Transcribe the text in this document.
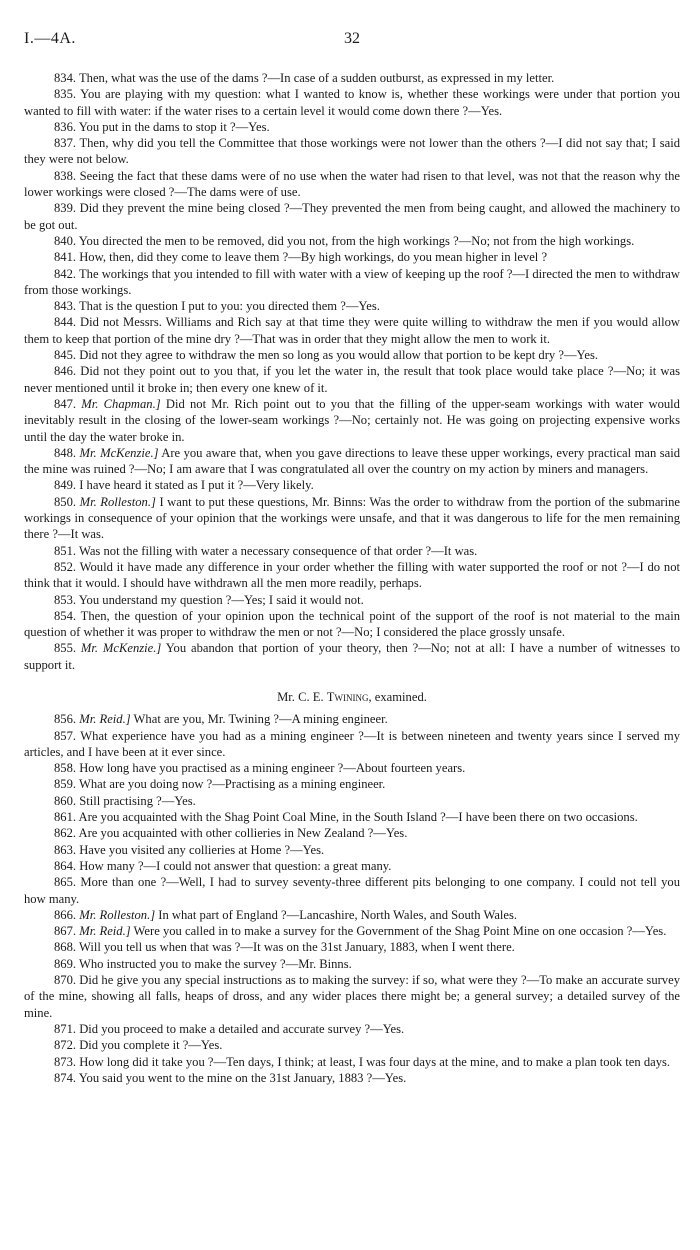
32
I.—4A.

834. Then, what was the use of the dams ?—In case of a sudden outburst, as expressed in my letter.

835. You are playing with my question: what I wanted to know is, whether these workings were under that portion you wanted to fill with water: if the water rises to a certain level it would come down there ?—Yes.

836. You put in the dams to stop it ?—Yes.

837. Then, why did you tell the Committee that those workings were not lower than the others ?—I did not say that; I said they were not below.

838. Seeing the fact that these dams were of no use when the water had risen to that level, was not that the reason why the lower workings were closed ?—The dams were of use.

839. Did they prevent the mine being closed ?—They prevented the men from being caught, and allowed the machinery to be got out.

840. You directed the men to be removed, did you not, from the high workings ?—No; not from the high workings.

841. How, then, did they come to leave them ?—By high workings, do you mean higher in level ?

842. The workings that you intended to fill with water with a view of keeping up the roof ?—I directed the men to withdraw from those workings.

843. That is the question I put to you: you directed them ?—Yes.

844. Did not Messrs. Williams and Rich say at that time they were quite willing to withdraw the men if you would allow them to keep that portion of the mine dry ?—That was in order that they might allow the men to work it.

845. Did not they agree to withdraw the men so long as you would allow that portion to be kept dry ?—Yes.

846. Did not they point out to you that, if you let the water in, the result that took place would take place ?—No; it was never mentioned until it broke in; then every one knew of it.

847. Mr. Chapman.] Did not Mr. Rich point out to you that the filling of the upper-seam workings with water would inevitably result in the closing of the lower-seam workings ?—No; certainly not. He was going on projecting expensive works until the day the water broke in.

848. Mr. McKenzie.] Are you aware that, when you gave directions to leave these upper workings, every practical man said the mine was ruined ?—No; I am aware that I was congratulated all over the country on my action by miners and managers.

849. I have heard it stated as I put it ?—Very likely.

850. Mr. Rolleston.] I want to put these questions, Mr. Binns: Was the order to withdraw from the portion of the submarine workings in consequence of your opinion that the workings were unsafe, and that it was dangerous to life for the men remaining there ?—It was.

851. Was not the filling with water a necessary consequence of that order ?—It was.

852. Would it have made any difference in your order whether the filling with water supported the roof or not ?—I do not think that it would. I should have withdrawn all the men more readily, perhaps.

853. You understand my question ?—Yes; I said it would not.

854. Then, the question of your opinion upon the technical point of the support of the roof is not material to the main question of whether it was proper to withdraw the men or not ?—No; I considered the place grossly unsafe.

855. Mr. McKenzie.] You abandon that portion of your theory, then ?—No; not at all: I have a number of witnesses to support it.

Mr. C. E. Twining, examined.

856. Mr. Reid.] What are you, Mr. Twining ?—A mining engineer.

857. What experience have you had as a mining engineer ?—It is between nineteen and twenty years since I served my articles, and I have been at it ever since.

858. How long have you practised as a mining engineer ?—About fourteen years.

859. What are you doing now ?—Practising as a mining engineer.

860. Still practising ?—Yes.

861. Are you acquainted with the Shag Point Coal Mine, in the South Island ?—I have been there on two occasions.

862. Are you acquainted with other collieries in New Zealand ?—Yes.

863. Have you visited any collieries at Home ?—Yes.

864. How many ?—I could not answer that question: a great many.

865. More than one ?—Well, I had to survey seventy-three different pits belonging to one company. I could not tell you how many.

866. Mr. Rolleston.] In what part of England ?—Lancashire, North Wales, and South Wales.

867. Mr. Reid.] Were you called in to make a survey for the Government of the Shag Point Mine on one occasion ?—Yes.

868. Will you tell us when that was ?—It was on the 31st January, 1883, when I went there.

869. Who instructed you to make the survey ?—Mr. Binns.

870. Did he give you any special instructions as to making the survey: if so, what were they ?—To make an accurate survey of the mine, showing all falls, heaps of dross, and any wider places there might be; a general survey; a detailed survey of the mine.

871. Did you proceed to make a detailed and accurate survey ?—Yes.

872. Did you complete it ?—Yes.

873. How long did it take you ?—Ten days, I think; at least, I was four days at the mine, and to make a plan took ten days.

874. You said you went to the mine on the 31st January, 1883 ?—Yes.
